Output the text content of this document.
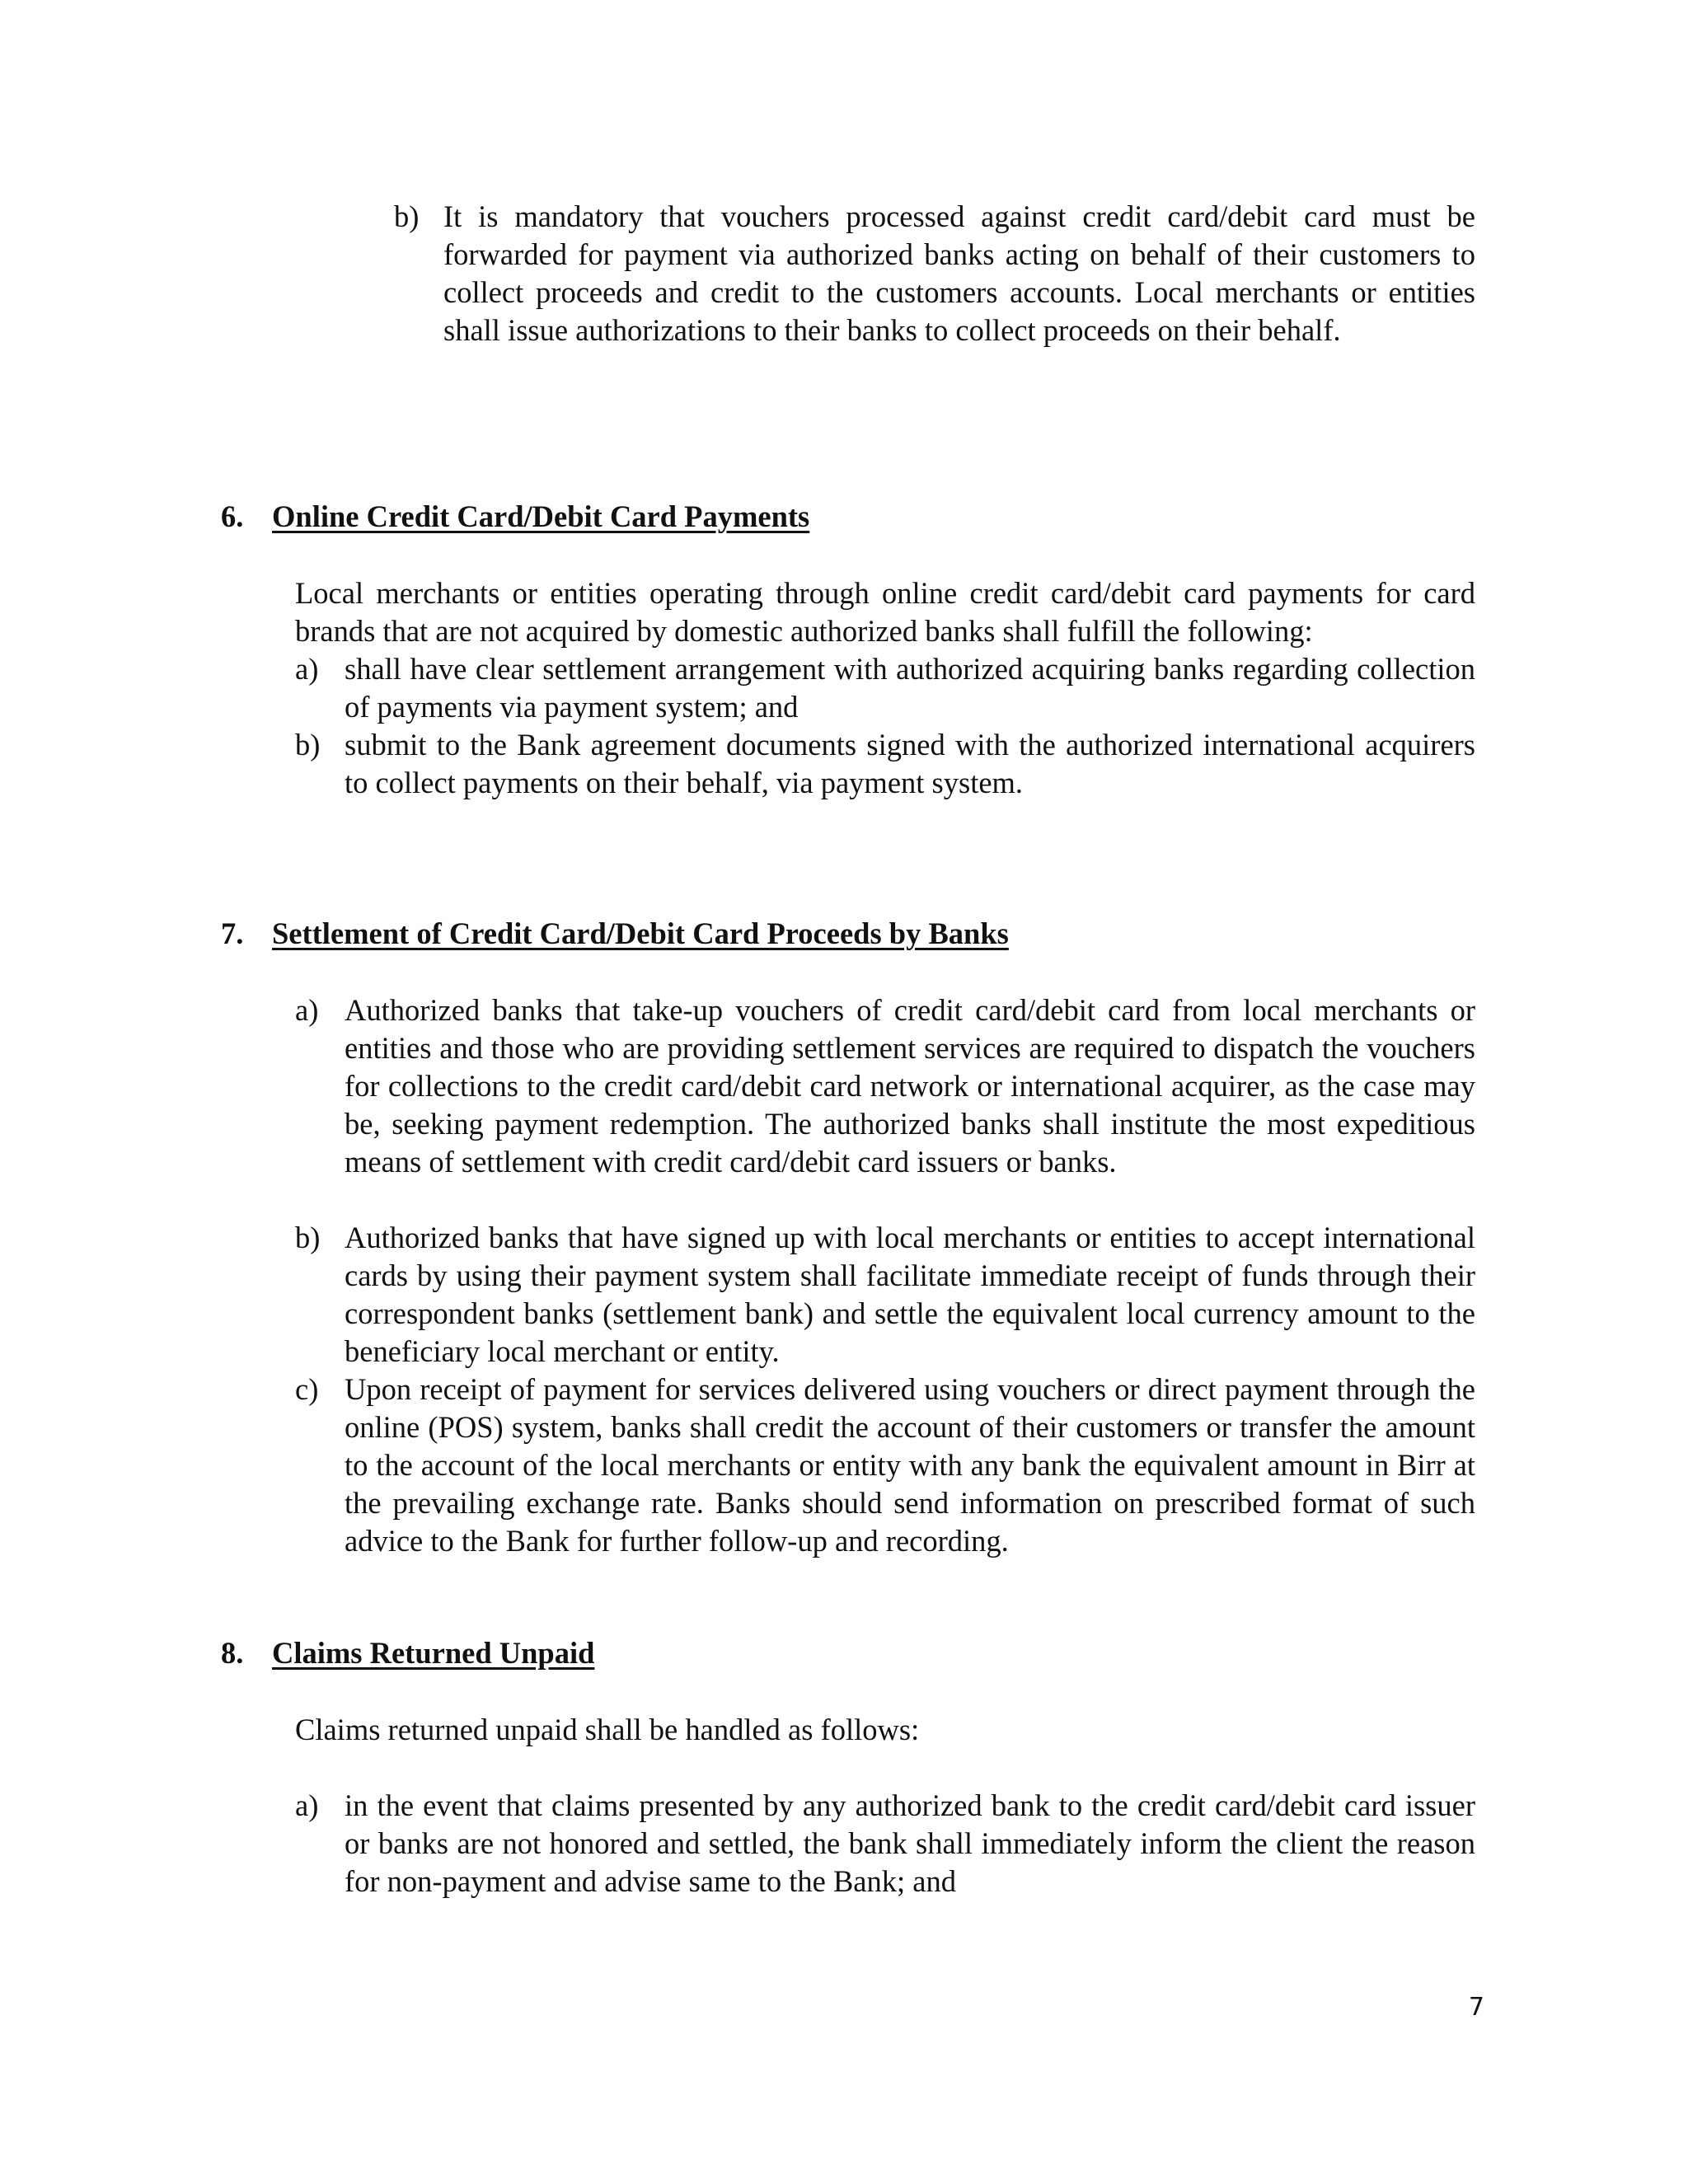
b) It is mandatory that vouchers processed against credit card/debit card must be forwarded for payment via authorized banks acting on behalf of their customers to collect proceeds and credit to the customers accounts. Local merchants or entities shall issue authorizations to their banks to collect proceeds on their behalf.
6. Online Credit Card/Debit Card Payments
Local merchants or entities operating through online credit card/debit card payments for card brands that are not acquired by domestic authorized banks shall fulfill the following:
a) shall have clear settlement arrangement with authorized acquiring banks regarding collection of payments via payment system; and
b) submit to the Bank agreement documents signed with the authorized international acquirers to collect payments on their behalf, via payment system.
7. Settlement of Credit Card/Debit Card Proceeds by Banks
a) Authorized banks that take-up vouchers of credit card/debit card from local merchants or entities and those who are providing settlement services are required to dispatch the vouchers for collections to the credit card/debit card network or international acquirer, as the case may be, seeking payment redemption. The authorized banks shall institute the most expeditious means of settlement with credit card/debit card issuers or banks.
b) Authorized banks that have signed up with local merchants or entities to accept international cards by using their payment system shall facilitate immediate receipt of funds through their correspondent banks (settlement bank) and settle the equivalent local currency amount to the beneficiary local merchant or entity.
c) Upon receipt of payment for services delivered using vouchers or direct payment through the online (POS) system, banks shall credit the account of their customers or transfer the amount to the account of the local merchants or entity with any bank the equivalent amount in Birr at the prevailing exchange rate. Banks should send information on prescribed format of such advice to the Bank for further follow-up and recording.
8. Claims Returned Unpaid
Claims returned unpaid shall be handled as follows:
a) in the event that claims presented by any authorized bank to the credit card/debit card issuer or banks are not honored and settled, the bank shall immediately inform the client the reason for non-payment and advise same to the Bank; and
7
